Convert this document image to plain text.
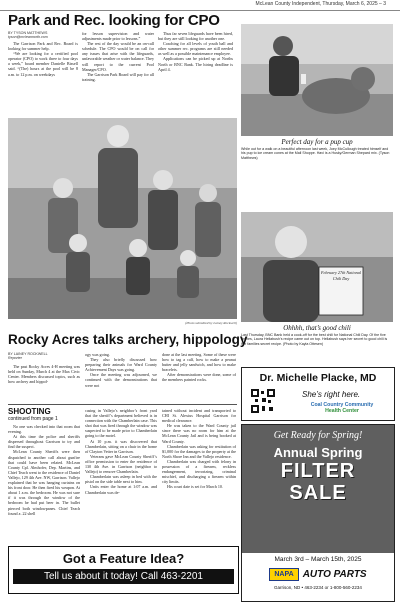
McLean County Independent, Thursday, March 6, 2025 – 3
Park and Rec. looking for CPO
BY TYSON MATTHEWS
tyson@mcleannorth.com

The Garrison Park and Rec. Board is looking for summer help.

“We are looking for a certified pool operator (CPO) to work three to four days a week,” board member Danielle Bissell said. “(The) hours at the pool will be 8 a.m. to 12 p.m. on weekdays

for lesson supervision and water adjustments made prior to lessons.”

The rest of the day would be an on-call schedule. The CPO would be on call for any issues that arise with the lifeguards, unfavorable weather or water balance. They will report to the current Pool Manager/CPO.

The Garrison Park Board will pay for all training.

Thus far seven lifeguards have been hired, but they are still looking for another one.

Coaching for all levels of youth ball and other summer rec. programs are still needed as well as a possible maintenance employee.

Applications can be picked up at Norths North or BNC Bank. The hiring deadline is April 4.

Perfect day for a pup cup
While out for a walk on a beautiful afternoon last week, Joey McCullough treated himself and his pup to ice cream cones at the Mall Shoppe. Havi is a Husky/German Shepard mix. (Tyson Matthews)
(Photo submitted by Lainey Rockwell)
February 27th National Chili Day
Ohhhh, that’s good chili
Last Thursday, BNC Bank held a cook-off for the best chili for National Chili Day. Of the five entries, Laura Hellabush’s recipe came out on top. Hellabush says her secret to good chili is her families secret recipe. (Photo by Kayla Ottesen)
Rocky Acres talks archery, hippology
BY LAINEY ROCKWELL
Reporter

The past Rocky Acres 4-H meeting was held on Sunday, March 4 at the Max Civic Center. Members discussed topics, such as how archery and hippol-

ogy was going.

They also briefly discussed how preparing their animals for Ward County Achievement Days was going.

Once the meeting was adjourned, we continued with the demonstrations that were not

done at the last meeting. Some of these were how to tag a calf, how to make a peanut butter and jelly sandwich, and how to make bracelets.

After demonstrations were done, some of the members painted rocks.

SHOOTING
continued from page 1

No one was checked into that room that evening.

At this time the police and sheriffs dispersed throughout Garrison to try and find the suspect.

McLean County Sheriffs were then dispatched to another call about gunfire that could have been related. McLean County Cpl. Almhofer, Dep. Martins, and Chief Teach went to the residence of Daniel Vallejo, 129 4th Ave. NW, Garrison. Vallejo explained that he was hanging curtains on his front door. He then fired his weapon. At about 1 a.m. the bedroom. He was not sure if it was through the window of the bedroom he had put beer in. The bullet pierced both windowpanes. Chief Teach found a .22 shell

casing in Vallejo’s neighbor’s front yard that the sheriff’s department believed is in connection with the Chamberlain case. This shot that was fired through the window was suspected to be made prior to Chamberlain going to the motel.

At 10 p.m. it was discovered that Chamberlain, sitting on a chair in the home of Clayton Vetter in Garrison.

Veterans gave McLean County Sheriff’s office permission to enter the residence of 130 4th Ave. in Garrison (neighbor to Vallejo) to remove Chamberlain.

Chamberlain was asleep in bed with the pistol on the side table next to him.

Units enter the home at 1:07 a.m. and Chamberlain was de-

tained without incident and transported to CHI St. Alexius Hospital Garrison for medical clearance.

He was taken to the Ward County jail since there was no room for him at the McLean County Jail and is being booked at Ward County.

Chamberlain was asking for restitution of $1,000 for the damages to the property at the North Shore Inn and the Vallejo residence.

Chamberlain was charged with felony in possession of a firearm, reckless endangerment, terrorizing, criminal mischief, and discharging a firearm within city limits.

His court date is set for March 10.

Got a Feature Idea?
Tell us about it today! Call 463-2201
Dr. Michelle Placke, MD
She’s right here.
Coal Country Community
Health Center
Get Ready for Spring!
Annual Spring
FILTER
SALE
March 3rd – March 15th, 2025
NAPA AUTO PARTS
Garrison, ND • 463-2234 or 1-800-560-2234
